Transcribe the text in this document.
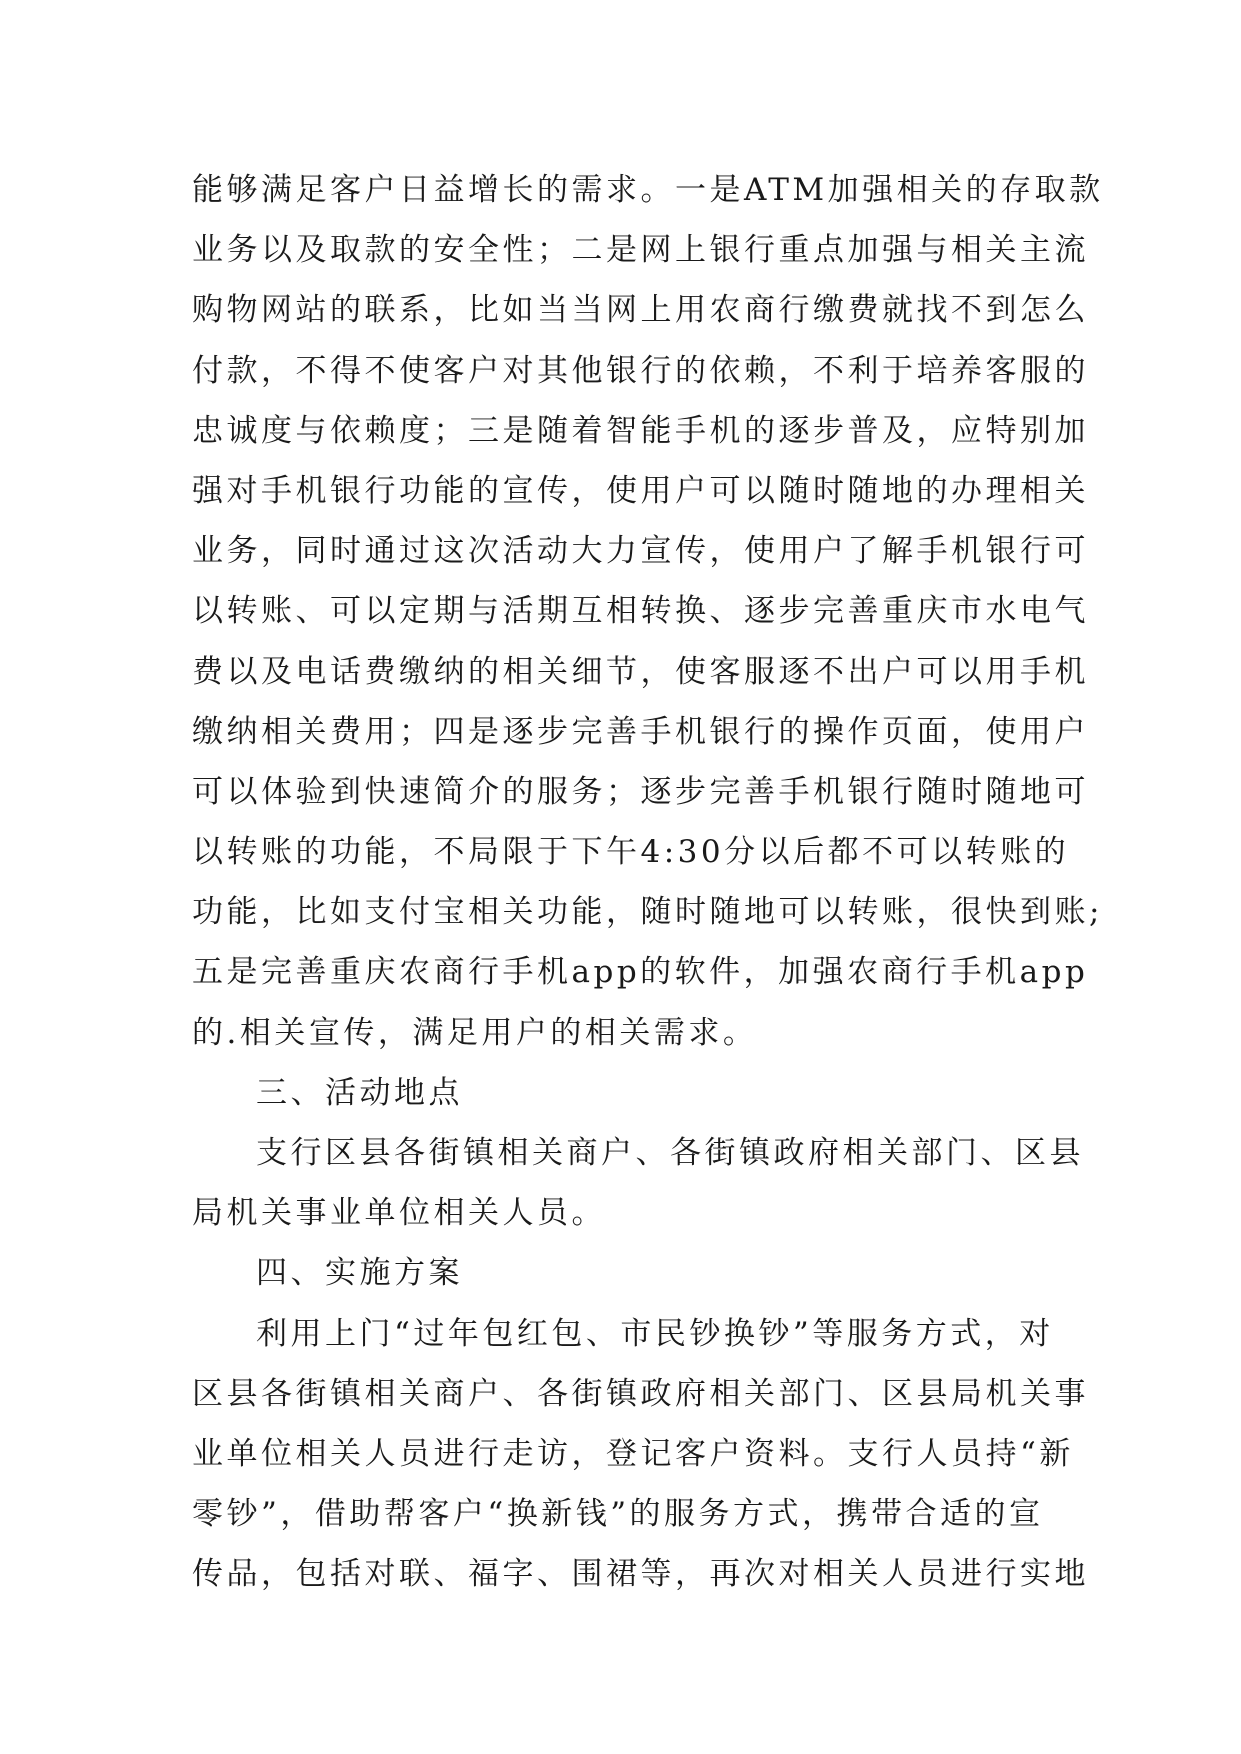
能够满足客户日益增长的需求。一是ATM加强相关的存取款
业务以及取款的安全性；二是网上银行重点加强与相关主流
购物网站的联系，比如当当网上用农商行缴费就找不到怎么
付款，不得不使客户对其他银行的依赖，不利于培养客服的
忠诚度与依赖度；三是随着智能手机的逐步普及，应特别加
强对手机银行功能的宣传，使用户可以随时随地的办理相关
业务，同时通过这次活动大力宣传，使用户了解手机银行可
以转账、可以定期与活期互相转换、逐步完善重庆市水电气
费以及电话费缴纳的相关细节，使客服逐不出户可以用手机
缴纳相关费用；四是逐步完善手机银行的操作页面，使用户
可以体验到快速简介的服务；逐步完善手机银行随时随地可
以转账的功能，不局限于下午4:30分以后都不可以转账的
功能，比如支付宝相关功能，随时随地可以转账，很快到账;
五是完善重庆农商行手机app的软件，加强农商行手机app
的.相关宣传，满足用户的相关需求。
三、活动地点
支行区县各街镇相关商户、各街镇政府相关部门、区县
局机关事业单位相关人员。
四、实施方案
利用上门“过年包红包、市民钞换钞”等服务方式，对
区县各街镇相关商户、各街镇政府相关部门、区县局机关事
业单位相关人员进行走访，登记客户资料。支行人员持“新
零钞”，借助帮客户“换新钱”的服务方式，携带合适的宣
传品，包括对联、福字、围裙等，再次对相关人员进行实地
